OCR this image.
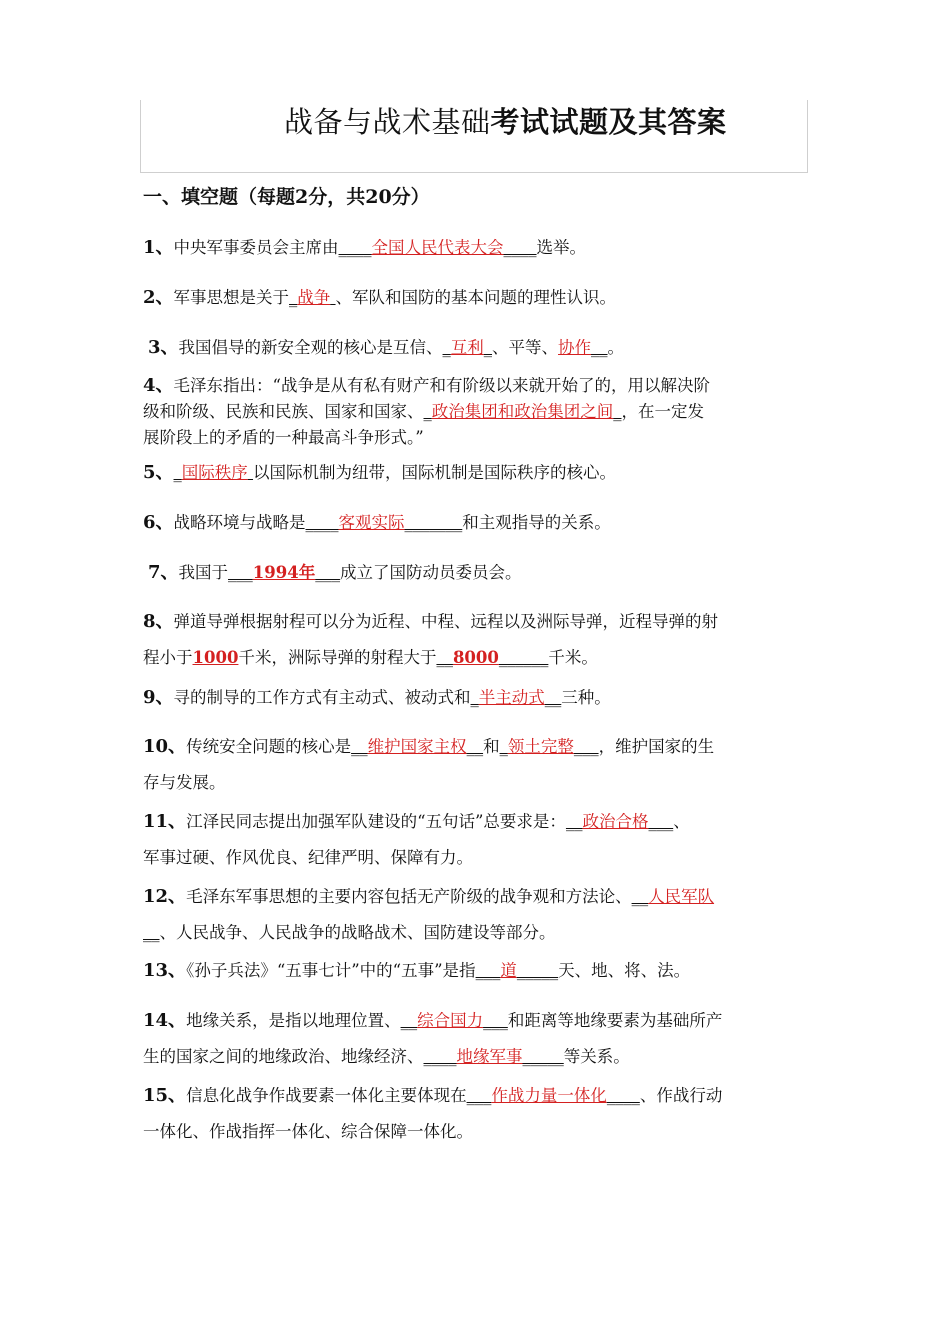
战备与战术基础考试试题及其答案
一、填空题（每题2分，共20分）
1、中央军事委员会主席由____全国人民代表大会____选举。
2、军事思想是关于_战争 、军队和国防的基本问题的理性认识。
3、我国倡导的新安全观的核心是互信、_互利_、平等、协作__。
4、毛泽东指出：“战争是从有私有财产和有阶级以来就开始了的，用以解决阶
级和阶级、民族和民族、国家和国家、_政治集团和政治集团之间_，在一定发
展阶段上的矛盾的一种最高斗争形式。”
5、_国际秩序 以国际机制为纽带，国际机制是国际秩序的核心。
6、战略环境与战略是____客观实际_______和主观指导的关系。
7、我国于___1994年___成立了国防动员委员会。
8、弹道导弹根据射程可以分为近程、中程、远程以及洲际导弹，近程导弹的射
程小于1000千米，洲际导弹的射程大于__8000______千米。
9、寻的制导的工作方式有主动式、被动式和_半主动式__三种。
10、传统安全问题的核心是__维护国家主权__和_领土完整___，维护国家的生
存与发展。
11、江泽民同志提出加强军队建设的“五句话”总要求是：__政治合格___、
军事过硬、作风优良、纪律严明、保障有力。
12、毛泽东军事思想的主要内容包括无产阶级的战争观和方法论、__人民军队
__、人民战争、人民战争的战略战术、国防建设等部分。
13、《孙子兵法》“五事七计”中的“五事”是指___道_____天、地、将、法。
14、地缘关系，是指以地理位置、__综合国力___和距离等地缘要素为基础所产
生的国家之间的地缘政治、地缘经济、____地缘军事_____等关系。
15、信息化战争作战要素一体化主要体现在___作战力量一体化____、作战行动
一体化、作战指挥一体化、综合保障一体化。
